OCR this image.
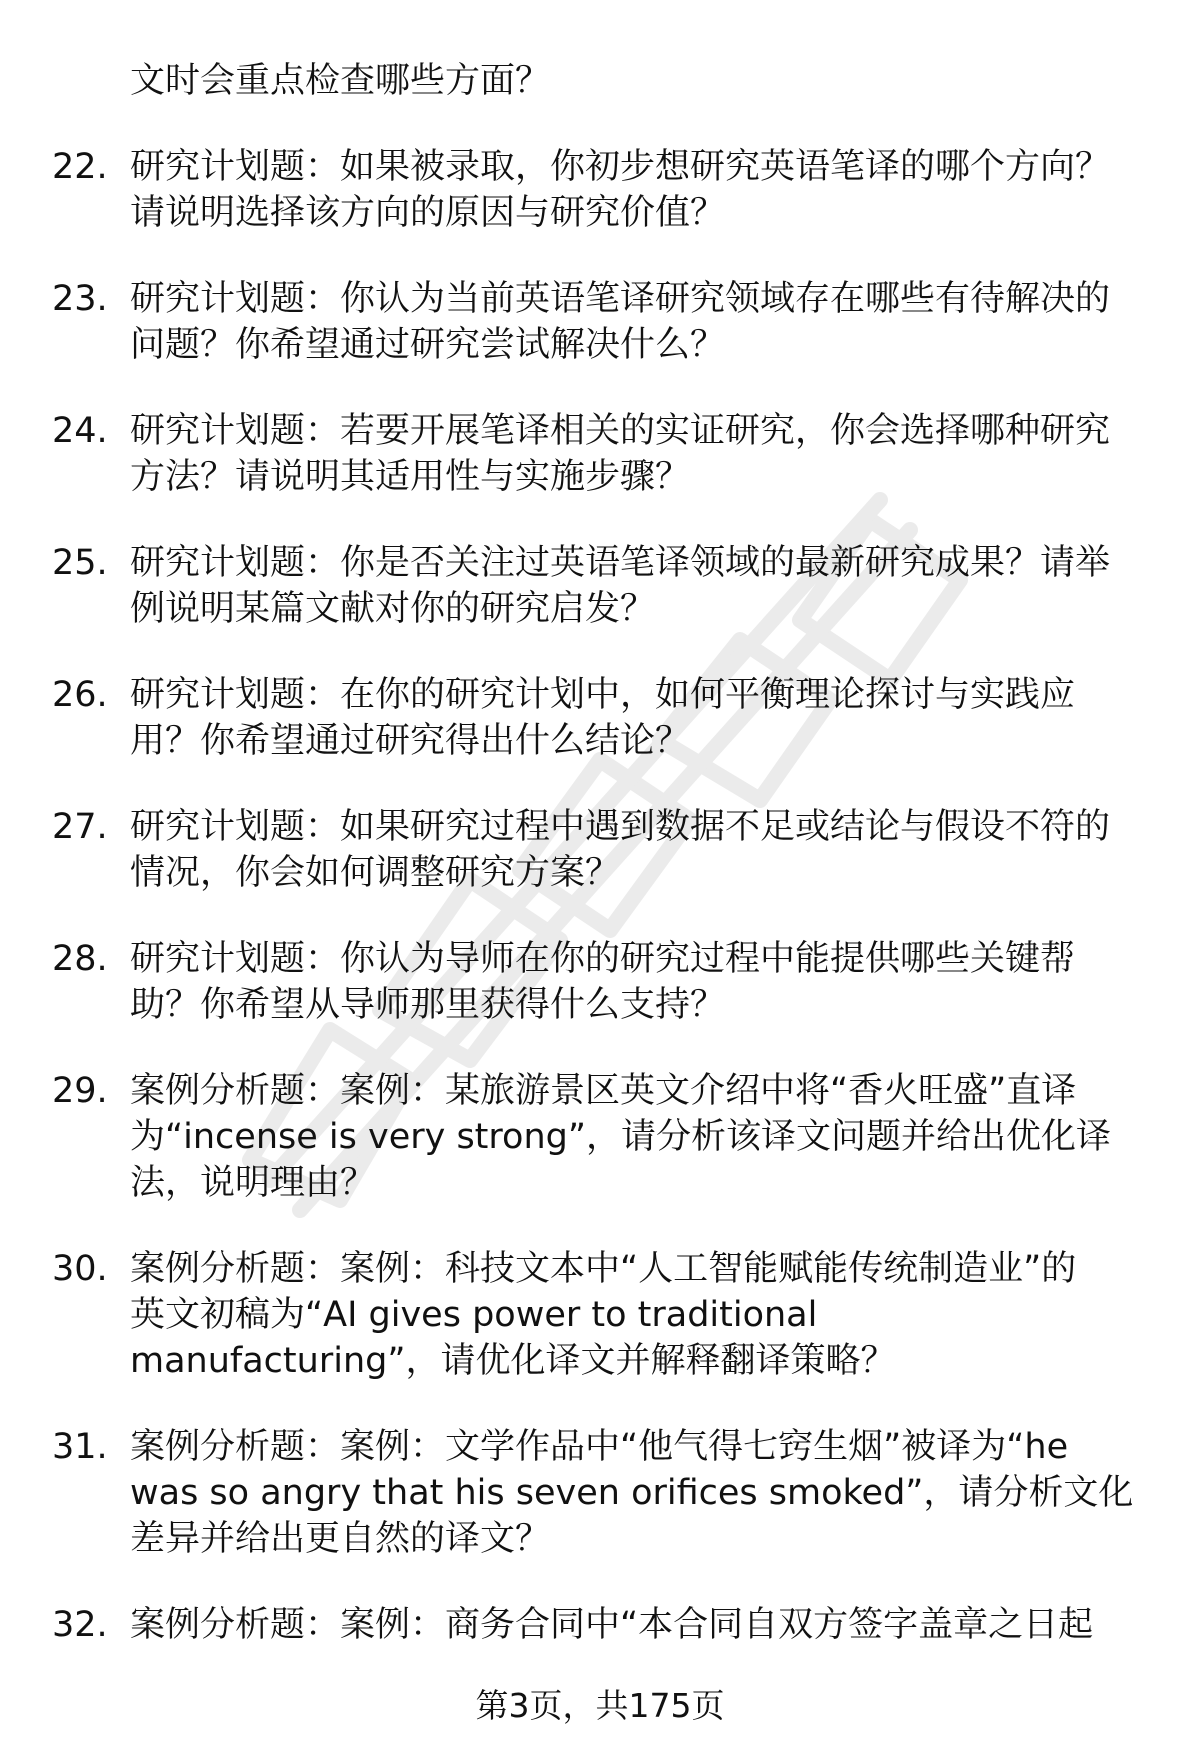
文时会重点检查哪些方面？
22. 研究计划题：如果被录取，你初步想研究英语笔译的哪个方向？
请说明选择该方向的原因与研究价值？
23. 研究计划题：你认为当前英语笔译研究领域存在哪些有待解决的
问题？你希望通过研究尝试解决什么？
24. 研究计划题：若要开展笔译相关的实证研究，你会选择哪种研究
方法？请说明其适用性与实施步骤？
25. 研究计划题：你是否关注过英语笔译领域的最新研究成果？请举
例说明某篇文献对你的研究启发？
26. 研究计划题：在你的研究计划中，如何平衡理论探讨与实践应
用？你希望通过研究得出什么结论？
27. 研究计划题：如果研究过程中遇到数据不足或结论与假设不符的
情况，你会如何调整研究方案？
28. 研究计划题：你认为导师在你的研究过程中能提供哪些关键帮
助？你希望从导师那里获得什么支持？
29. 案例分析题：案例：某旅游景区英文介绍中将“香火旺盛”直译
为“incense is very strong”，请分析该译文问题并给出优化译
法，说明理由？
30. 案例分析题：案例：科技文本中“人工智能赋能传统制造业”的
英文初稿为“AI gives power to traditional
manufacturing”，请优化译文并解释翻译策略？
31. 案例分析题：案例：文学作品中“他气得七窍生烟”被译为“he
was so angry that his seven orifices smoked”，请分析文化
差异并给出更自然的译文？
32. 案例分析题：案例：商务合同中“本合同自双方签字盖章之日起
第3页，共175页
